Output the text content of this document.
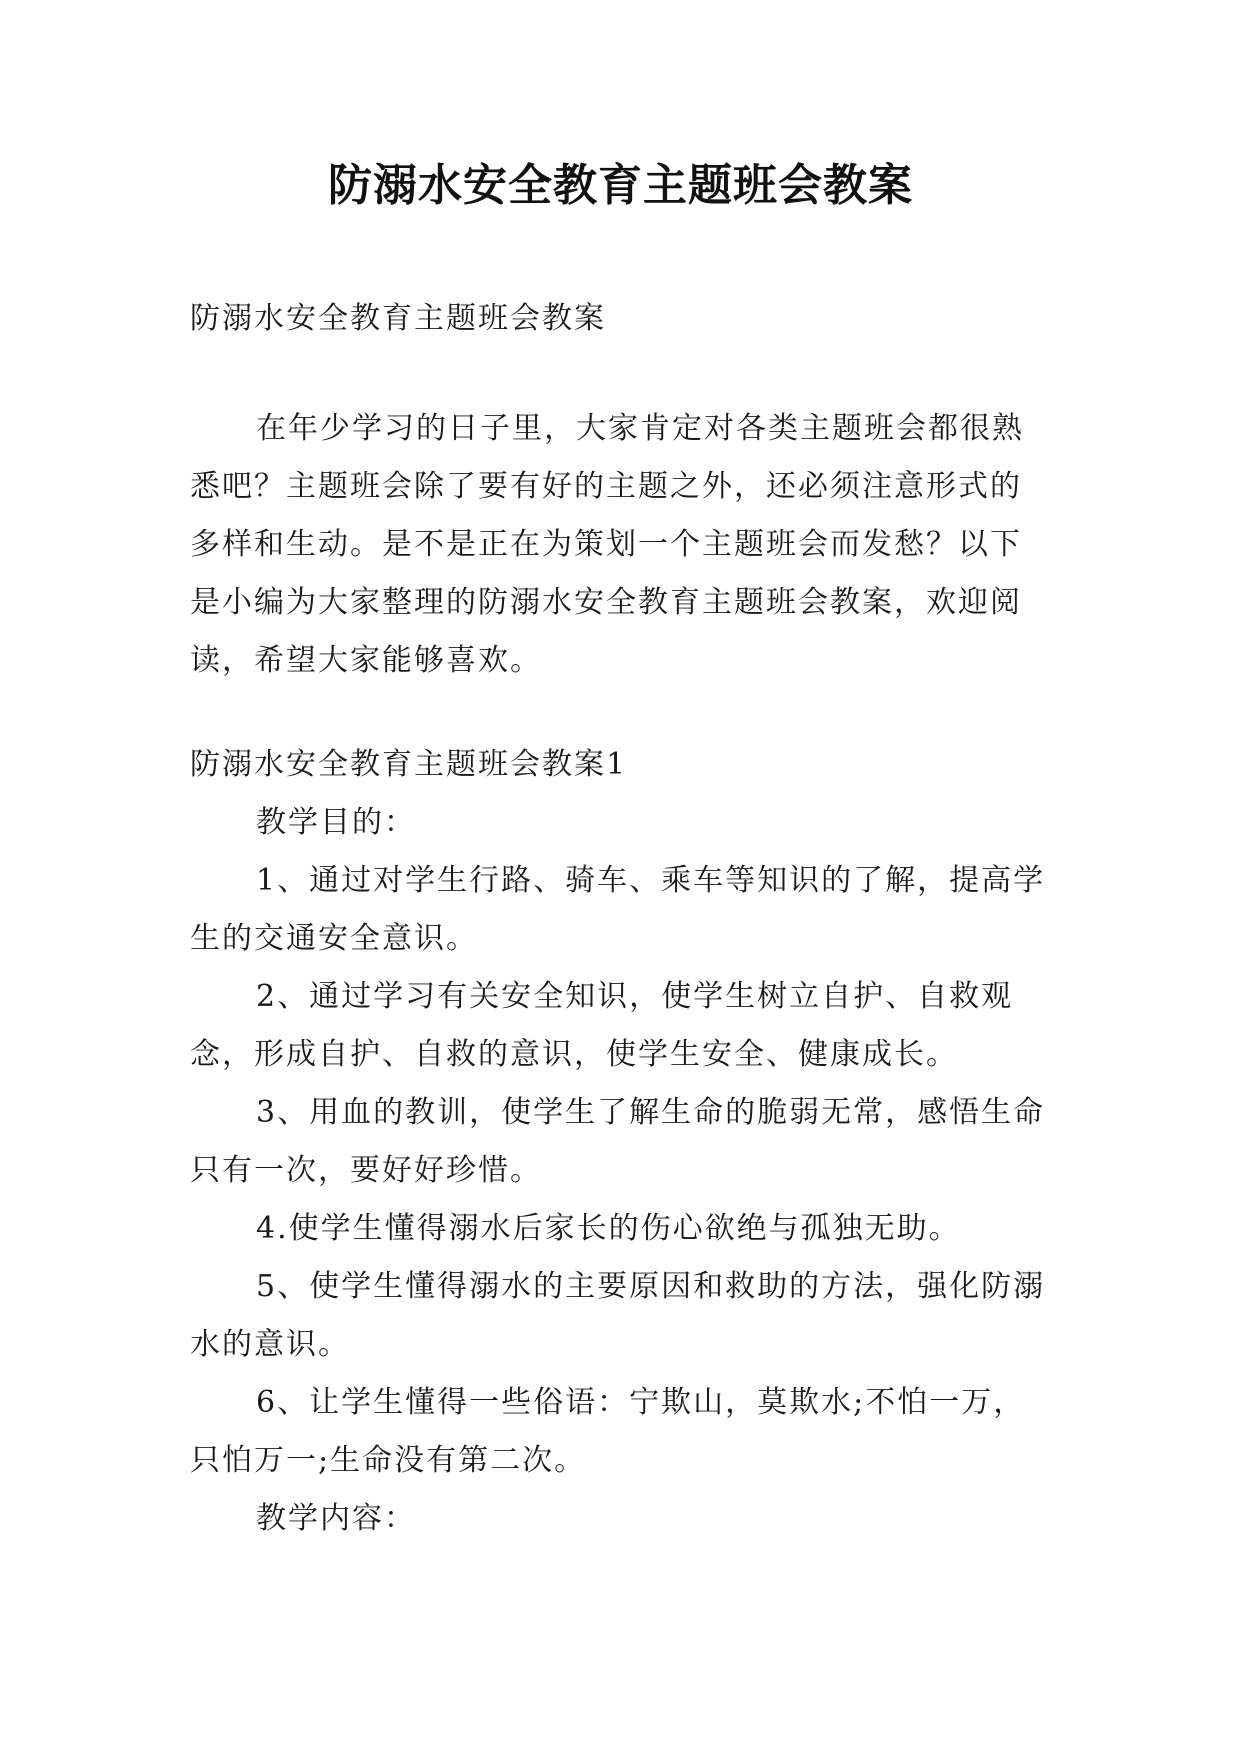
防溺水安全教育主题班会教案

防溺水安全教育主题班会教案

在年少学习的日子里，大家肯定对各类主题班会都很熟悉吧？主题班会除了要有好的主题之外，还必须注意形式的多样和生动。是不是正在为策划一个主题班会而发愁？以下是小编为大家整理的防溺水安全教育主题班会教案，欢迎阅读，希望大家能够喜欢。

防溺水安全教育主题班会教案1

教学目的：

1、通过对学生行路、骑车、乘车等知识的了解，提高学生的交通安全意识。

2、通过学习有关安全知识，使学生树立自护、自救观念，形成自护、自救的意识，使学生安全、健康成长。

3、用血的教训，使学生了解生命的脆弱无常，感悟生命只有一次，要好好珍惜。

4.使学生懂得溺水后家长的伤心欲绝与孤独无助。

5、使学生懂得溺水的主要原因和救助的方法，强化防溺水的意识。

6、让学生懂得一些俗语：宁欺山，莫欺水;不怕一万，只怕万一;生命没有第二次。

教学内容：
